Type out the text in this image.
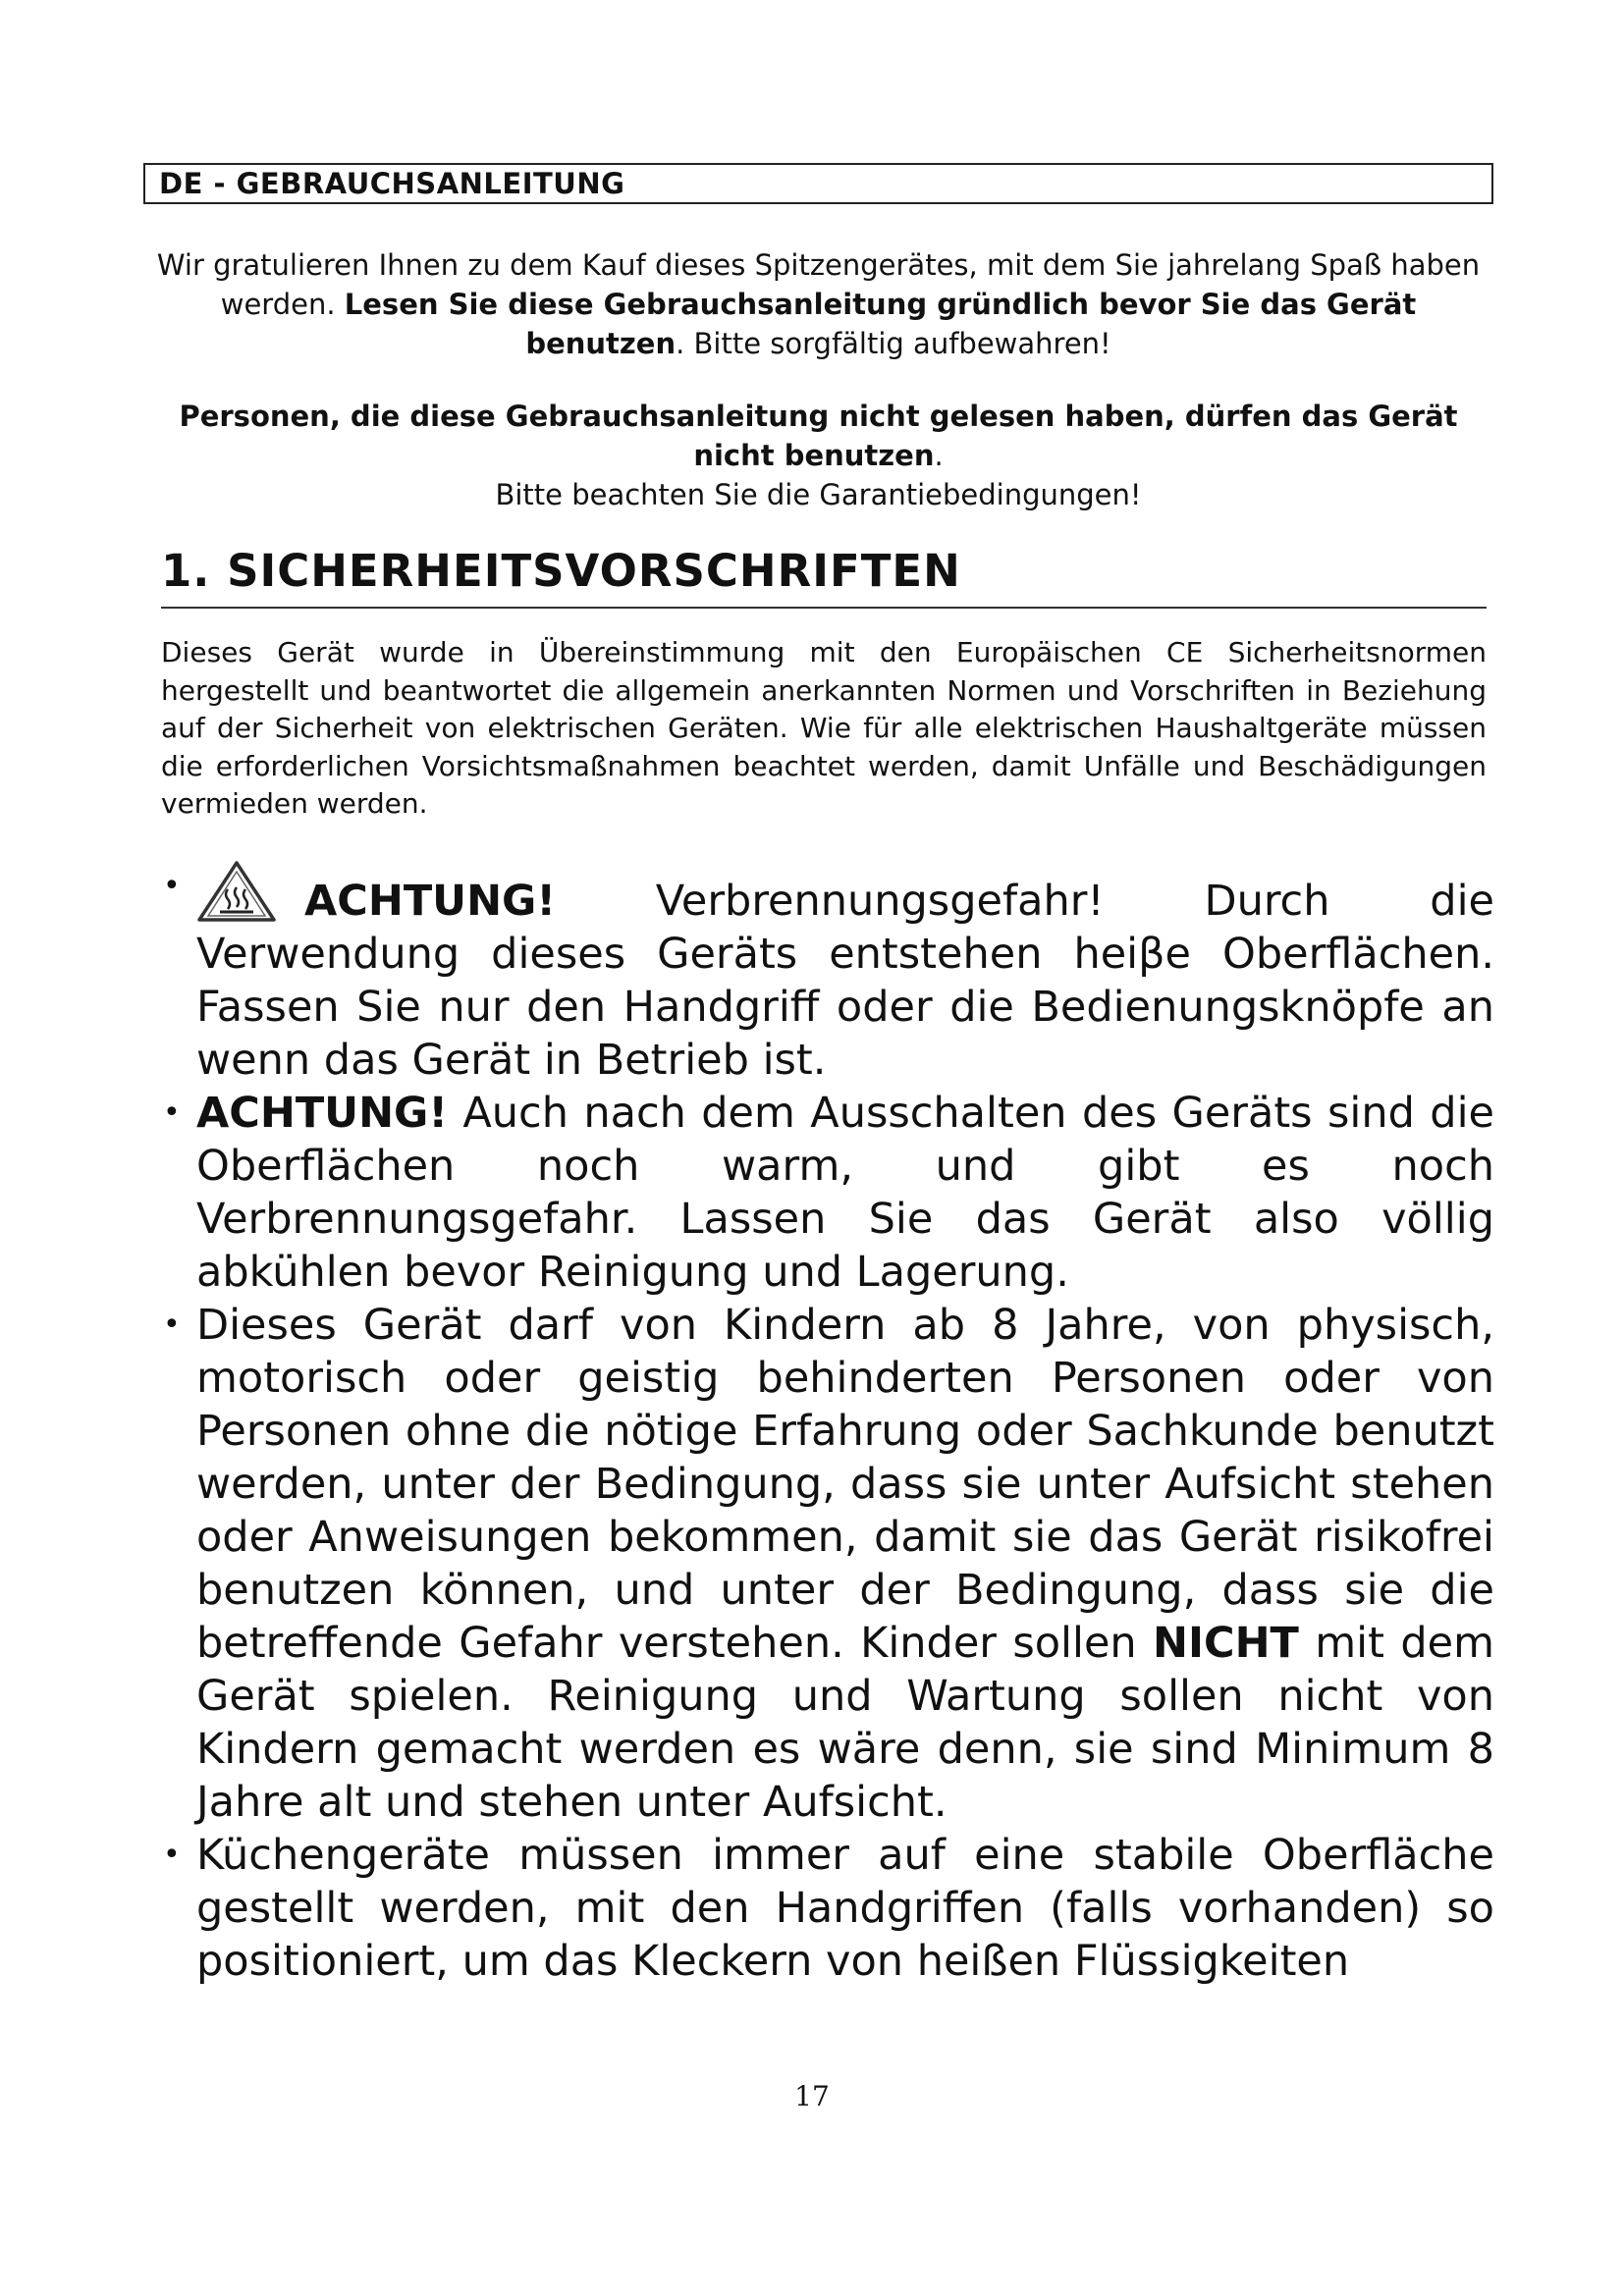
DE - GEBRAUCHSANLEITUNG

Wir gratulieren Ihnen zu dem Kauf dieses Spitzengerätes, mit dem Sie jahrelang Spaß haben werden. Lesen Sie diese Gebrauchsanleitung gründlich bevor Sie das Gerät benutzen. Bitte sorgfältig aufbewahren!

Personen, die diese Gebrauchsanleitung nicht gelesen haben, dürfen das Gerät nicht benutzen.

Bitte beachten Sie die Garantiebedingungen!

1. SICHERHEITSVORSCHRIFTEN

Dieses Gerät wurde in Übereinstimmung mit den Europäischen CE Sicherheitsnormen hergestellt und beantwortet die allgemein anerkannten Normen und Vorschriften in Beziehung auf der Sicherheit von elektrischen Geräten. Wie für alle elektrischen Haushaltgeräte müssen die erforderlichen Vorsichtsmaßnahmen beachtet werden, damit Unfälle und Beschädigungen vermieden werden.

•	ACHTUNG! Verbrennungsgefahr! Durch die Verwendung dieses Geräts entstehen heiβe Oberflächen. Fassen Sie nur den Handgriff oder die Bedienungsknöpfe an wenn das Gerät in Betrieb ist.
• ACHTUNG! Auch nach dem Ausschalten des Geräts sind die Oberflächen noch warm, und gibt es noch Verbrennungsgefahr. Lassen Sie das Gerät also völlig abkühlen bevor Reinigung und Lagerung.
• Dieses Gerät darf von Kindern ab 8 Jahre, von physisch, motorisch oder geistig behinderten Personen oder von Personen ohne die nötige Erfahrung oder Sachkunde benutzt werden, unter der Bedingung, dass sie unter Aufsicht stehen oder Anweisungen bekommen, damit sie das Gerät risikofrei benutzen können, und unter der Bedingung, dass sie die betreffende Gefahr verstehen. Kinder sollen NICHT mit dem Gerät spielen. Reinigung und Wartung sollen nicht von Kindern gemacht werden es wäre denn, sie sind Minimum 8 Jahre alt und stehen unter Aufsicht.
• Küchengeräte müssen immer auf eine stabile Oberfläche gestellt werden, mit den Handgriffen (falls vorhanden) so positioniert, um das Kleckern von heißen Flüssigkeiten
17
